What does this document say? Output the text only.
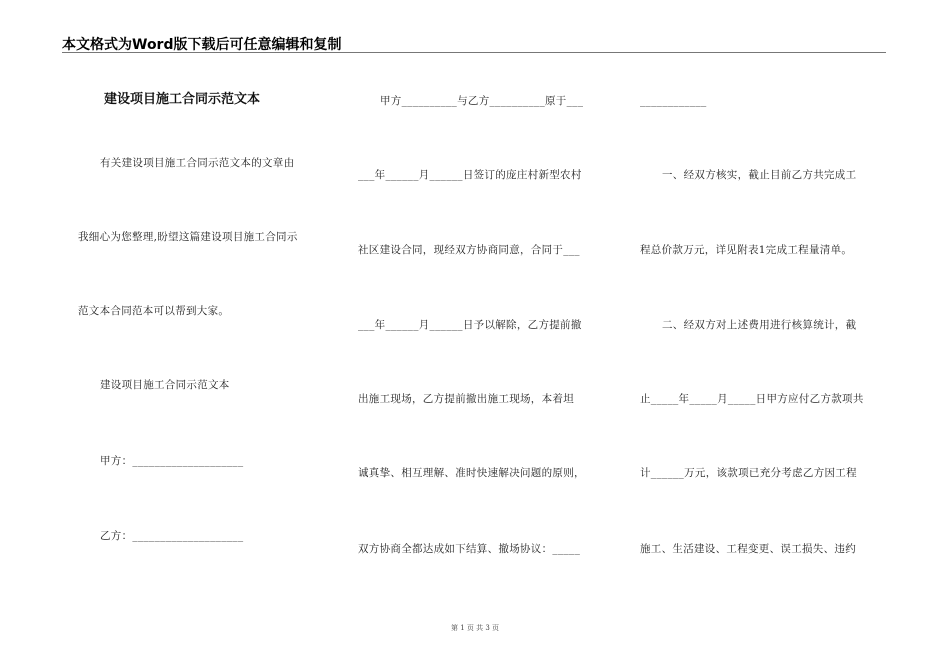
本文格式为Word版下载后可任意编辑和复制
建设项目施工合同示范文本
有关建设项目施工合同示范文本的文章由
我细心为您整理,盼望这篇建设项目施工合同示
范文本合同范本可以帮到大家。
建设项目施工合同示范文本
甲方：____________________
乙方：____________________
甲方__________与乙方__________原于___
___年______月______日签订的庞庄村新型农村
社区建设合同，现经双方协商同意，合同于___
___年______月______日予以解除，乙方提前撤
出施工现场，乙方提前撤出施工现场，本着坦
诚真挚、相互理解、准时快速解决问题的原则，
双方协商全都达成如下结算、撤场协议：_____
____________
一、经双方核实，截止目前乙方共完成工
程总价款万元，详见附表1完成工程量清单。
二、经双方对上述费用进行核算统计，截
止_____年_____月_____日甲方应付乙方款项共
计______万元，该款项已充分考虑乙方因工程
施工、生活建设、工程变更、误工损失、违约
第 1 页 共 3 页
